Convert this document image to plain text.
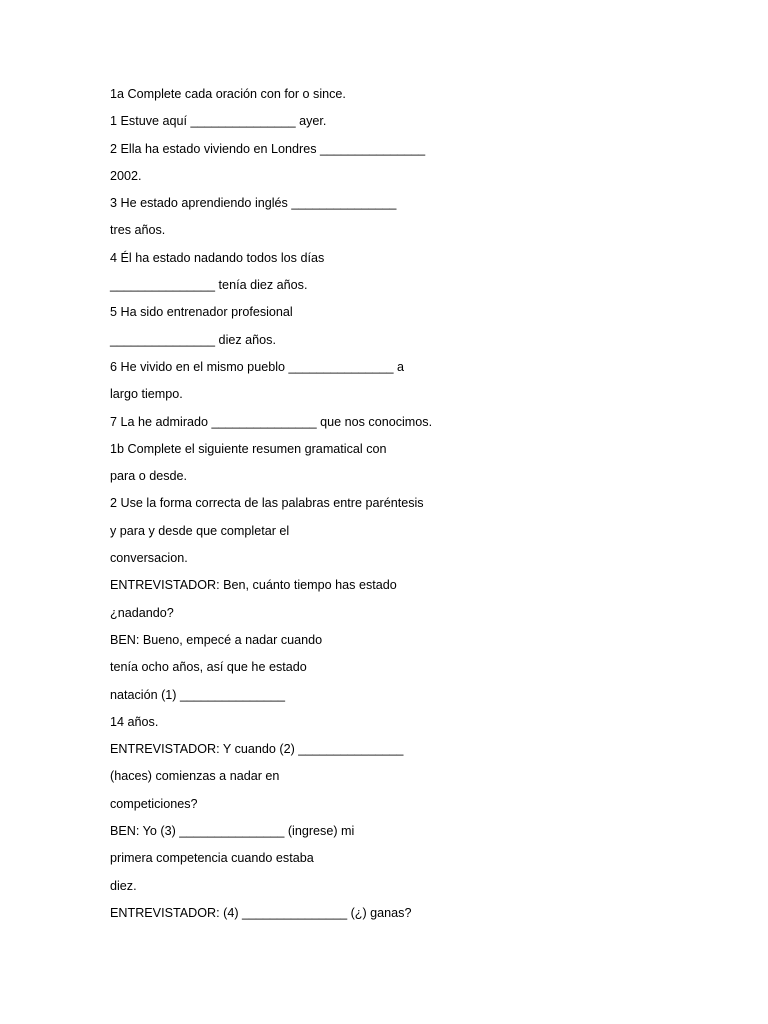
1a Complete cada oración con for o since.
1 Estuve aquí _______________ ayer.
2 Ella ha estado viviendo en Londres _______________
2002.
3 He estado aprendiendo inglés _______________
tres años.
4 Él ha estado nadando todos los días
_______________ tenía diez años.
5 Ha sido entrenador profesional
_______________ diez años.
6 He vivido en el mismo pueblo _______________ a
largo tiempo.
7 La he admirado _______________ que nos conocimos.
1b Complete el siguiente resumen gramatical con
para o desde.
2 Use la forma correcta de las palabras entre paréntesis
y para y desde que completar el
conversacion.
ENTREVISTADOR: Ben, cuánto tiempo has estado
¿nadando?
BEN: Bueno, empecé a nadar cuando
tenía ocho años, así que he estado
natación (1) _______________
14 años.
ENTREVISTADOR: Y cuando (2) _______________
(haces) comienzas a nadar en
competiciones?
BEN: Yo (3) _______________ (ingrese) mi
primera competencia cuando estaba
diez.
ENTREVISTADOR: (4) _______________ (¿) ganas?
